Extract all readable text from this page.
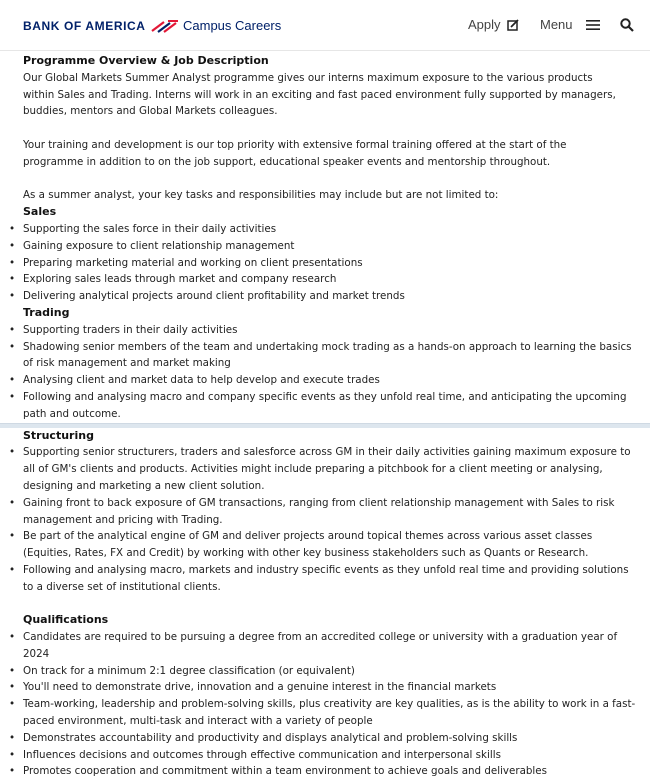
BANK OF AMERICA	Campus Careers	Apply	Menu
Programme Overview & Job Description

Our Global Markets Summer Analyst programme gives our interns maximum exposure to the various products within Sales and Trading. Interns will work in an exciting and fast paced environment fully supported by managers, buddies, mentors and Global Markets colleagues.

Your training and development is our top priority with extensive formal training offered at the start of the programme in addition to on the job support, educational speaker events and mentorship throughout.

As a summer analyst, your key tasks and responsibilities may include but are not limited to:

Sales
• Supporting the sales force in their daily activities
• Gaining exposure to client relationship management
• Preparing marketing material and working on client presentations
• Exploring sales leads through market and company research
• Delivering analytical projects around client profitability and market trends
Trading
• Supporting traders in their daily activities
• Shadowing senior members of the team and undertaking mock trading as a hands-on approach to learning the basics of risk management and market making
• Analysing client and market data to help develop and execute trades
• Following and analysing macro and company specific events as they unfold real time, and anticipating the upcoming path and outcome.
Structuring
• Supporting senior structurers, traders and salesforce across GM in their daily activities gaining maximum exposure to all of GM's clients and products. Activities might include preparing a pitchbook for a client meeting or analysing, designing and marketing a new client solution.
• Gaining front to back exposure of GM transactions, ranging from client relationship management with Sales to risk management and pricing with Trading.
• Be part of the analytical engine of GM and deliver projects around topical themes across various asset classes (Equities, Rates, FX and Credit) by working with other key business stakeholders such as Quants or Research.
• Following and analysing macro, markets and industry specific events as they unfold real time and providing solutions to a diverse set of institutional clients.
Qualifications
• Candidates are required to be pursuing a degree from an accredited college or university with a graduation year of 2024
• On track for a minimum 2:1 degree classification (or equivalent)
• You'll need to demonstrate drive, innovation and a genuine interest in the financial markets
• Team-working, leadership and problem-solving skills, plus creativity are key qualities, as is the ability to work in a fast-paced environment, multi-task and interact with a variety of people
• Demonstrates accountability and productivity and displays analytical and problem-solving skills
• Influences decisions and outcomes through effective communication and interpersonal skills
• Promotes cooperation and commitment within a team environment to achieve goals and deliverables
